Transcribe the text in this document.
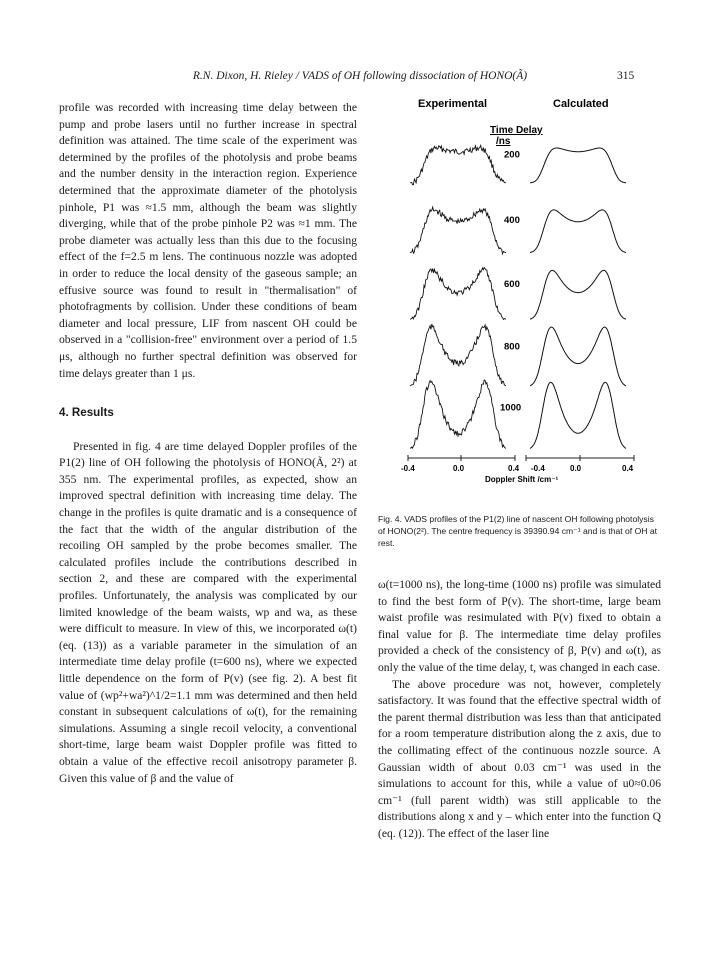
R.N. Dixon, H. Rieley / VADS of OH following dissociation of HONO(Ã)	315

profile was recorded with increasing time delay between the pump and probe lasers until no further increase in spectral definition was attained. The time scale of the experiment was determined by the profiles of the photolysis and probe beams and the number density in the interaction region. Experience determined that the approximate diameter of the photolysis pinhole, P1 was ≈1.5 mm, although the beam was slightly diverging, while that of the probe pinhole P2 was ≈1 mm. The probe diameter was actually less than this due to the focusing effect of the f=2.5 m lens. The continuous nozzle was adopted in order to reduce the local density of the gaseous sample; an effusive source was found to result in "thermalisation" of photofragments by collision. Under these conditions of beam diameter and local pressure, LIF from nascent OH could be observed in a "collision-free" environment over a period of 1.5 μs, although no further spectral definition was observed for time delays greater than 1 μs.

4. Results

Presented in fig. 4 are time delayed Doppler profiles of the P1(2) line of OH following the photolysis of HONO(Ã, 2²) at 355 nm. The experimental profiles, as expected, show an improved spectral definition with increasing time delay. The change in the profiles is quite dramatic and is a consequence of the fact that the width of the angular distribution of the recoiling OH sampled by the probe becomes smaller. The calculated profiles include the contributions described in section 2, and these are compared with the experimental profiles. Unfortunately, the analysis was complicated by our limited knowledge of the beam waists, wp and wa, as these were difficult to measure. In view of this, we incorporated ω(t) (eq. (13)) as a variable parameter in the simulation of an intermediate time delay profile (t=600 ns), where we expected little dependence on the form of P(v) (see fig. 2). A best fit value of (wp²+wa²)^1/2=1.1 mm was determined and then held constant in subsequent calculations of ω(t), for the remaining simulations. Assuming a single recoil velocity, a conventional short-time, large beam waist Doppler profile was fitted to obtain a value of the effective recoil anisotropy parameter β. Given this value of β and the value of

Experimental	Calculated
Time Delay
/ns
200
400
600
800
1000
-0.4	0.0	0.4 -0.4	0.0	0.4
Doppler Shift /cm⁻¹
Fig. 4. VADS profiles of the P1(2) line of nascent OH following photolysis of HONO(2²). The centre frequency is 39390.94 cm⁻¹ and is that of OH at rest.

ω(t=1000 ns), the long-time (1000 ns) profile was simulated to find the best form of P(v). The short-time, large beam waist profile was resimulated with P(v) fixed to obtain a final value for β. The intermediate time delay profiles provided a check of the consistency of β, P(v) and ω(t), as only the value of the time delay, t, was changed in each case.

The above procedure was not, however, completely satisfactory. It was found that the effective spectral width of the parent thermal distribution was less than that anticipated for a room temperature distribution along the z axis, due to the collimating effect of the continuous nozzle source. A Gaussian width of about 0.03 cm⁻¹ was used in the simulations to account for this, while a value of u0≈0.06 cm⁻¹ (full parent width) was still applicable to the distributions along x and y – which enter into the function Q (eq. (12)). The effect of the laser line
